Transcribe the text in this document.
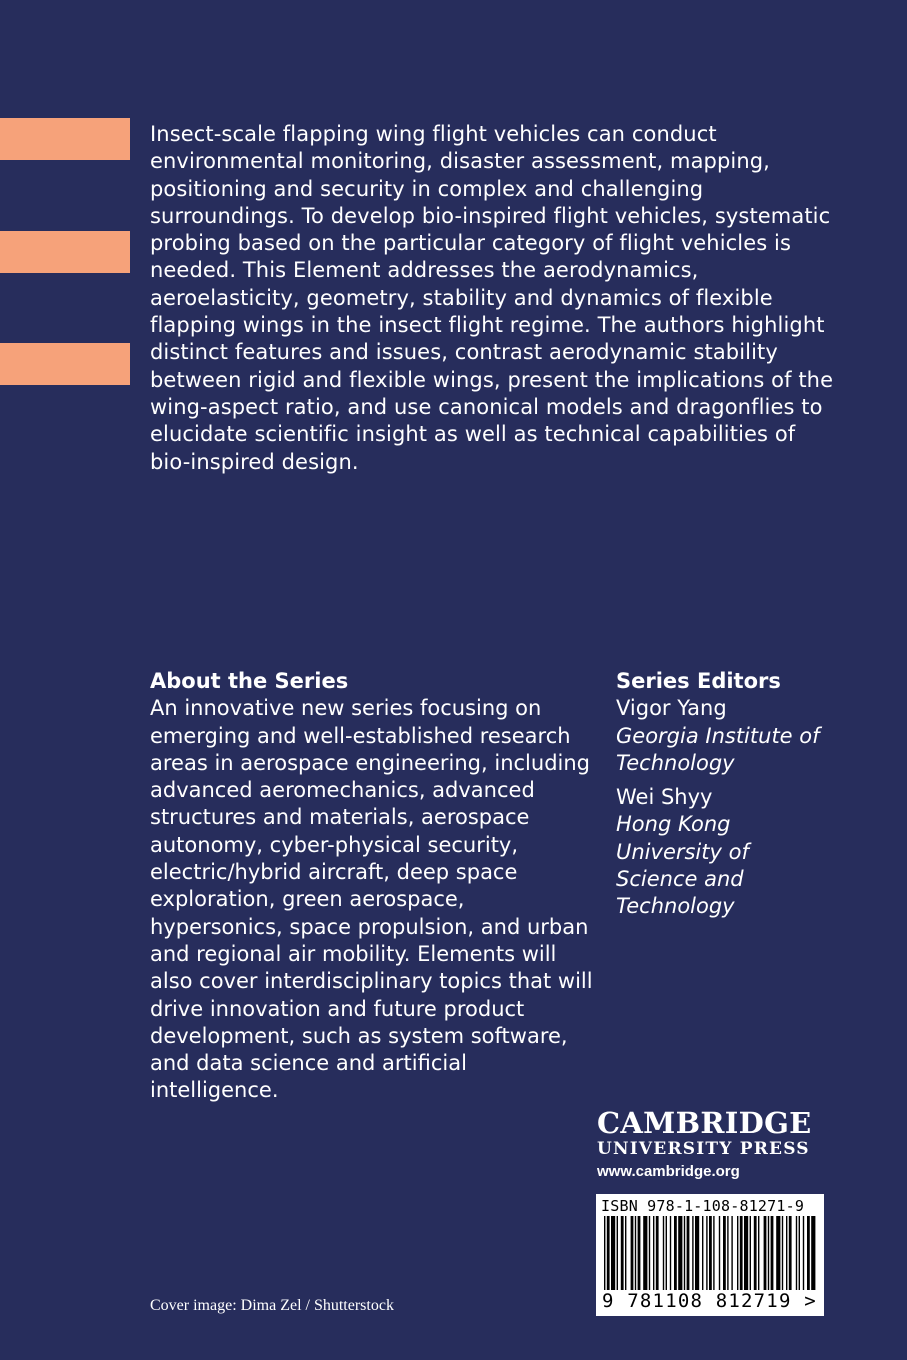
Insect-scale flapping wing flight vehicles can conduct environmental monitoring, disaster assessment, mapping, positioning and security in complex and challenging surroundings. To develop bio-inspired flight vehicles, systematic probing based on the particular category of flight vehicles is needed. This Element addresses the aerodynamics, aeroelasticity, geometry, stability and dynamics of flexible flapping wings in the insect flight regime. The authors highlight distinct features and issues, contrast aerodynamic stability between rigid and flexible wings, present the implications of the wing-aspect ratio, and use canonical models and dragonflies to elucidate scientific insight as well as technical capabilities of bio-inspired design.

About the Series

An innovative new series focusing on emerging and well-established research areas in aerospace engineering, including advanced aeromechanics, advanced structures and materials, aerospace autonomy, cyber-physical security, electric/hybrid aircraft, deep space exploration, green aerospace, hypersonics, space propulsion, and urban and regional air mobility. Elements will also cover interdisciplinary topics that will drive innovation and future product development, such as system software, and data science and artificial intelligence.

Series Editors

Vigor Yang

Georgia Institute of Technology

Wei Shyy

Hong Kong University of Science and Technology

CAMBRIDGE

UNIVERSITY PRESS

www.cambridge.org

ISBN 978-1-108-81271-9

9 781108 812719 >

Cover image: Dima Zel / Shutterstock
